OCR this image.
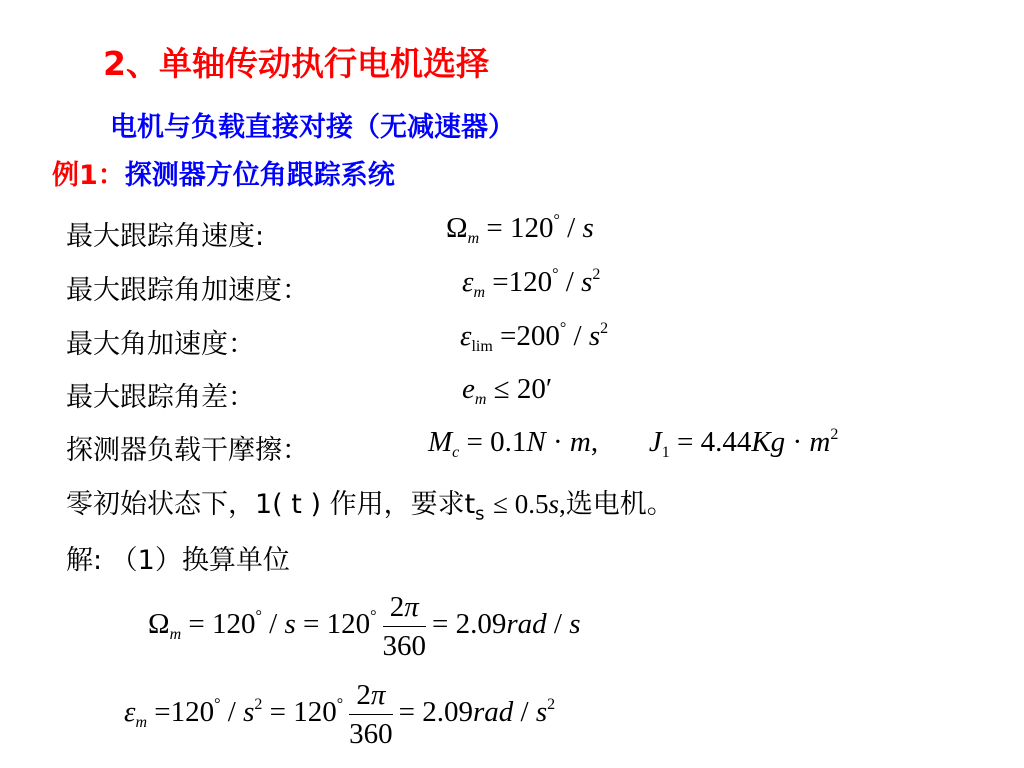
2、单轴传动执行电机选择
电机与负载直接对接（无减速器）
例1：探测器方位角跟踪系统
最大跟踪角速度:	$\Omega_m = 120^\circ / s$
最大跟踪角加速度：	$\varepsilon_m =120^\circ / s^2$
最大角加速度：	$\varepsilon_{lim} =200^\circ / s^2$
最大跟踪角差：	$e_m \le 20'$
探测器负载干摩擦：	$M_c = 0.1N \cdot m$,       $J_1 = 4.44Kg \cdot m^2$
零初始状态下，1( t ) 作用，要求$t_s \le 0.5s$,选电机。
解: （1）换算单位
$\Omega_m = 120^\circ / s = 120^\circ \frac{2\pi}{360} = 2.09rad / s$
$\varepsilon_m =120^\circ / s^2 = 120^\circ \frac{2\pi}{360} = 2.09rad / s^2$
